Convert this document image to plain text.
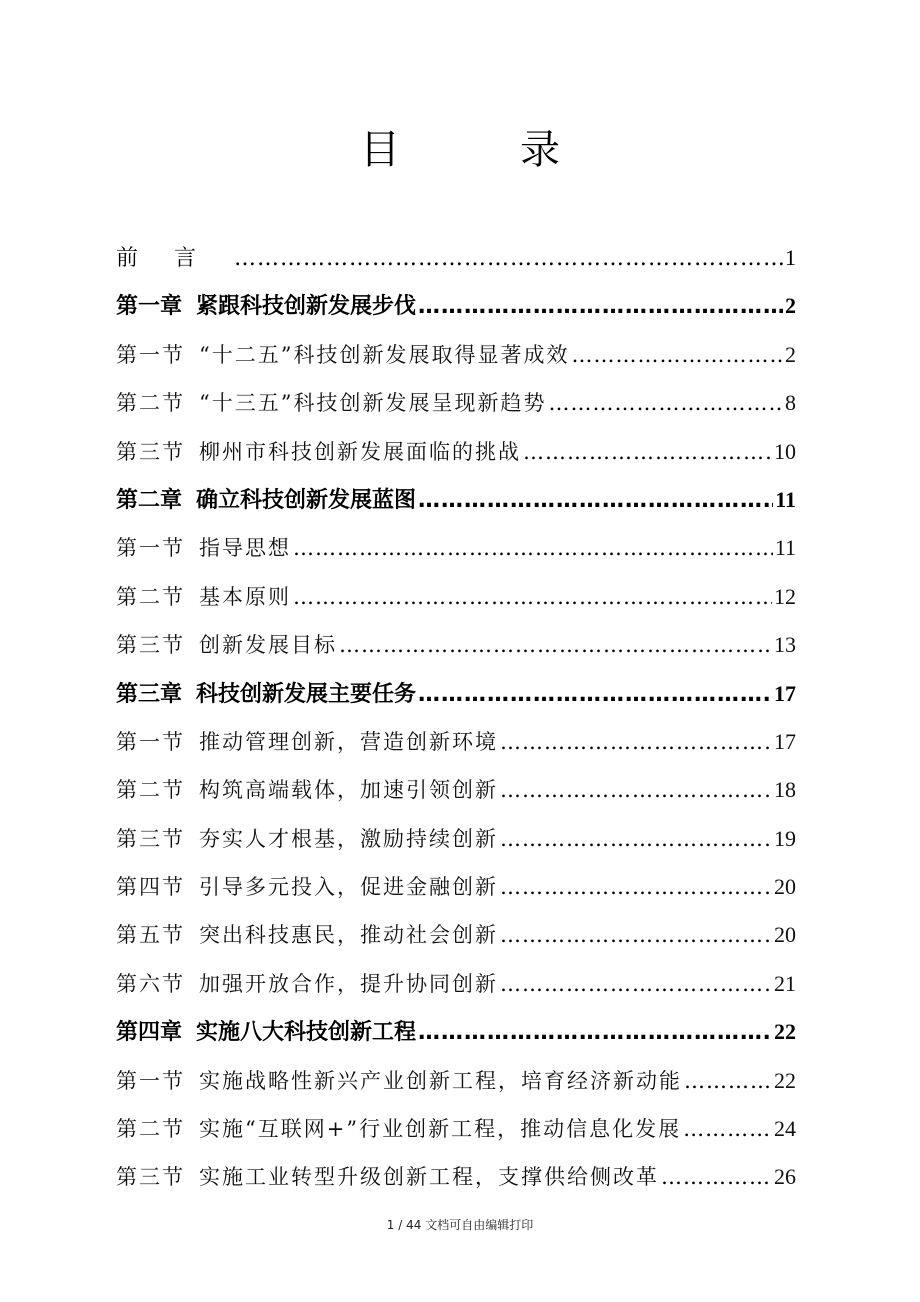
目　录
前言 …………………………………………………………………………………………………………………………………………………………………………	1
第一章 紧跟科技创新发展步伐 …………………………………………………………………………………………………………………………………………………………………………	2
第一节 “十二五”科技创新发展取得显著成效 …………………………………………………………………………………………………………………………………………………………………………	2
第二节 “十三五”科技创新发展呈现新趋势 …………………………………………………………………………………………………………………………………………………………………………	8
第三节 柳州市科技创新发展面临的挑战 …………………………………………………………………………………………………………………………………………………………………………	10
第二章 确立科技创新发展蓝图 …………………………………………………………………………………………………………………………………………………………………………	11
第一节 指导思想 …………………………………………………………………………………………………………………………………………………………………………	11
第二节 基本原则 …………………………………………………………………………………………………………………………………………………………………………	12
第三节 创新发展目标 …………………………………………………………………………………………………………………………………………………………………………	13
第三章 科技创新发展主要任务 …………………………………………………………………………………………………………………………………………………………………………	17
第一节 推动管理创新，营造创新环境 …………………………………………………………………………………………………………………………………………………………………………	17
第二节 构筑高端载体，加速引领创新 …………………………………………………………………………………………………………………………………………………………………………	18
第三节 夯实人才根基，激励持续创新 …………………………………………………………………………………………………………………………………………………………………………	19
第四节 引导多元投入，促进金融创新 …………………………………………………………………………………………………………………………………………………………………………	20
第五节 突出科技惠民，推动社会创新 …………………………………………………………………………………………………………………………………………………………………………	20
第六节 加强开放合作，提升协同创新 …………………………………………………………………………………………………………………………………………………………………………	21
第四章 实施八大科技创新工程 …………………………………………………………………………………………………………………………………………………………………………	22
第一节 实施战略性新兴产业创新工程，培育经济新动能 …………………………………………………………………………………………………………………………………………………………………………	22
第二节 实施“互联网+”行业创新工程，推动信息化发展 …………………………………………………………………………………………………………………………………………………………………………	24
第三节 实施工业转型升级创新工程，支撑供给侧改革 …………………………………………………………………………………………………………………………………………………………………………	26
1 / 44 文档可自由编辑打印
